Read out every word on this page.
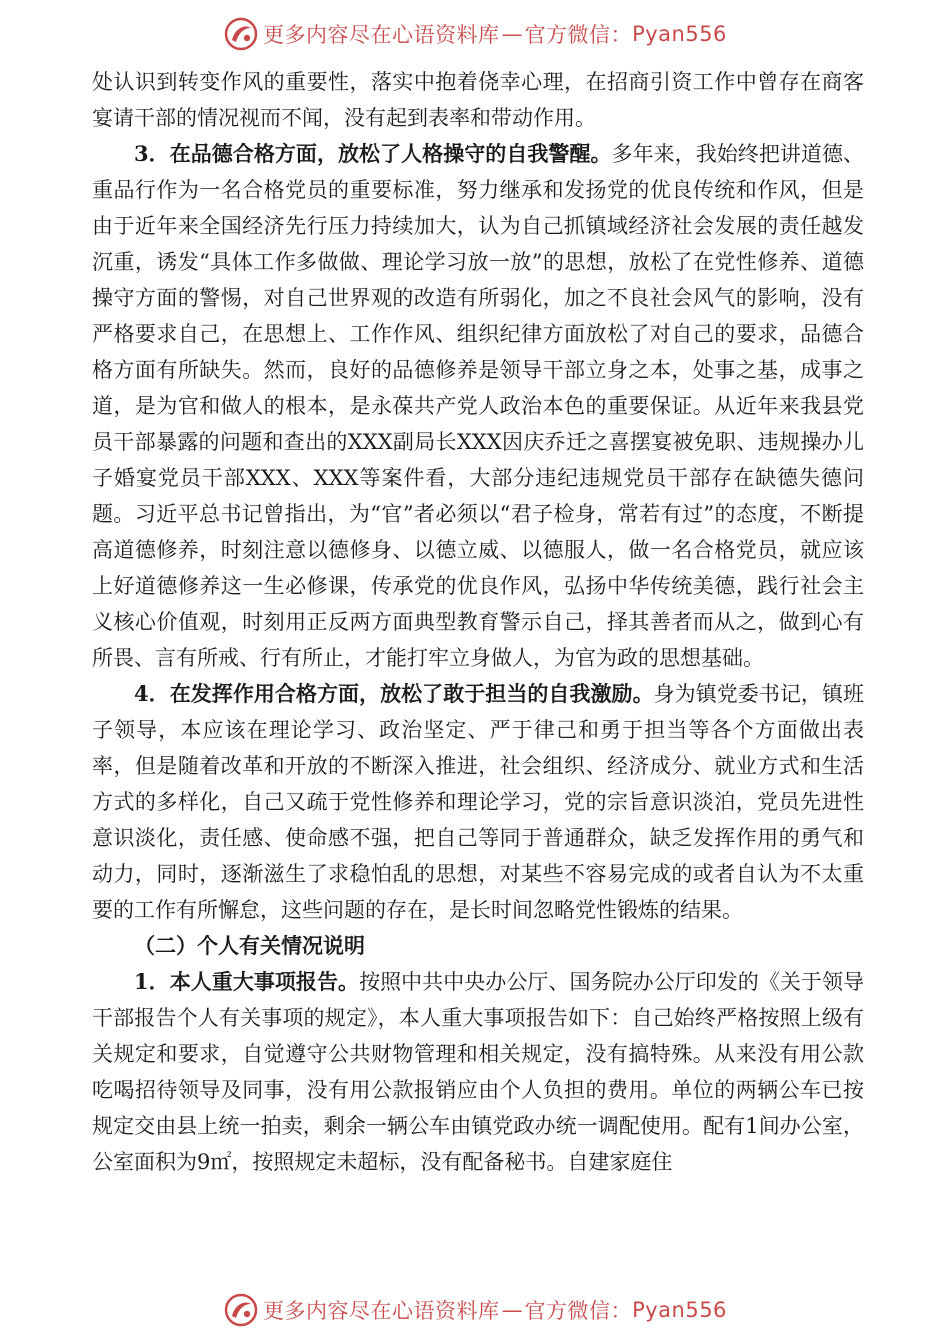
更多内容尽在心语资料库 — 官方微信： Pyan556

处认识到转变作风的重要性，落实中抱着侥幸心理，在招商引资工作中曾存在商客宴请干部的情况视而不闻，没有起到表率和带动作用。

3．在品德合格方面，放松了人格操守的自我警醒。多年来，我始终把讲道德、重品行作为一名合格党员的重要标准，努力继承和发扬党的优良传统和作风，但是由于近年来全国经济先行压力持续加大，认为自己抓镇域经济社会发展的责任越发沉重，诱发“具体工作多做做、理论学习放一放”的思想，放松了在党性修养、道德操守方面的警惕，对自己世界观的改造有所弱化，加之不良社会风气的影响，没有严格要求自己，在思想上、工作作风、组织纪律方面放松了对自己的要求，品德合格方面有所缺失。然而，良好的品德修养是领导干部立身之本，处事之基，成事之道，是为官和做人的根本，是永葆共产党人政治本色的重要保证。从近年来我县党员干部暴露的问题和查出的XXX副局长XXX因庆乔迁之喜摆宴被免职、违规操办儿子婚宴党员干部XXX、XXX等案件看，大部分违纪违规党员干部存在缺德失德问题。习近平总书记曾指出，为“官”者必须以“君子检身，常若有过”的态度，不断提高道德修养，时刻注意以德修身、以德立威、以德服人，做一名合格党员，就应该上好道德修养这一生必修课，传承党的优良作风，弘扬中华传统美德，践行社会主义核心价值观，时刻用正反两方面典型教育警示自己，择其善者而从之，做到心有所畏、言有所戒、行有所止，才能打牢立身做人，为官为政的思想基础。

4．在发挥作用合格方面，放松了敢于担当的自我激励。身为镇党委书记，镇班子领导，本应该在理论学习、政治坚定、严于律己和勇于担当等各个方面做出表率，但是随着改革和开放的不断深入推进，社会组织、经济成分、就业方式和生活方式的多样化，自己又疏于党性修养和理论学习，党的宗旨意识淡泊，党员先进性意识淡化，责任感、使命感不强，把自己等同于普通群众，缺乏发挥作用的勇气和动力，同时，逐渐滋生了求稳怕乱的思想，对某些不容易完成的或者自认为不太重要的工作有所懈怠，这些问题的存在，是长时间忽略党性锻炼的结果。

（二）个人有关情况说明

1．本人重大事项报告。按照中共中央办公厅、国务院办公厅印发的《关于领导干部报告个人有关事项的规定》，本人重大事项报告如下：自己始终严格按照上级有关规定和要求，自觉遵守公共财物管理和相关规定，没有搞特殊。从来没有用公款吃喝招待领导及同事，没有用公款报销应由个人负担的费用。单位的两辆公车已按规定交由县上统一拍卖，剩余一辆公车由镇党政办统一调配使用。配有1间办公室，公室面积为9㎡，按照规定未超标，没有配备秘书。自建家庭住

更多内容尽在心语资料库 — 官方微信： Pyan556
